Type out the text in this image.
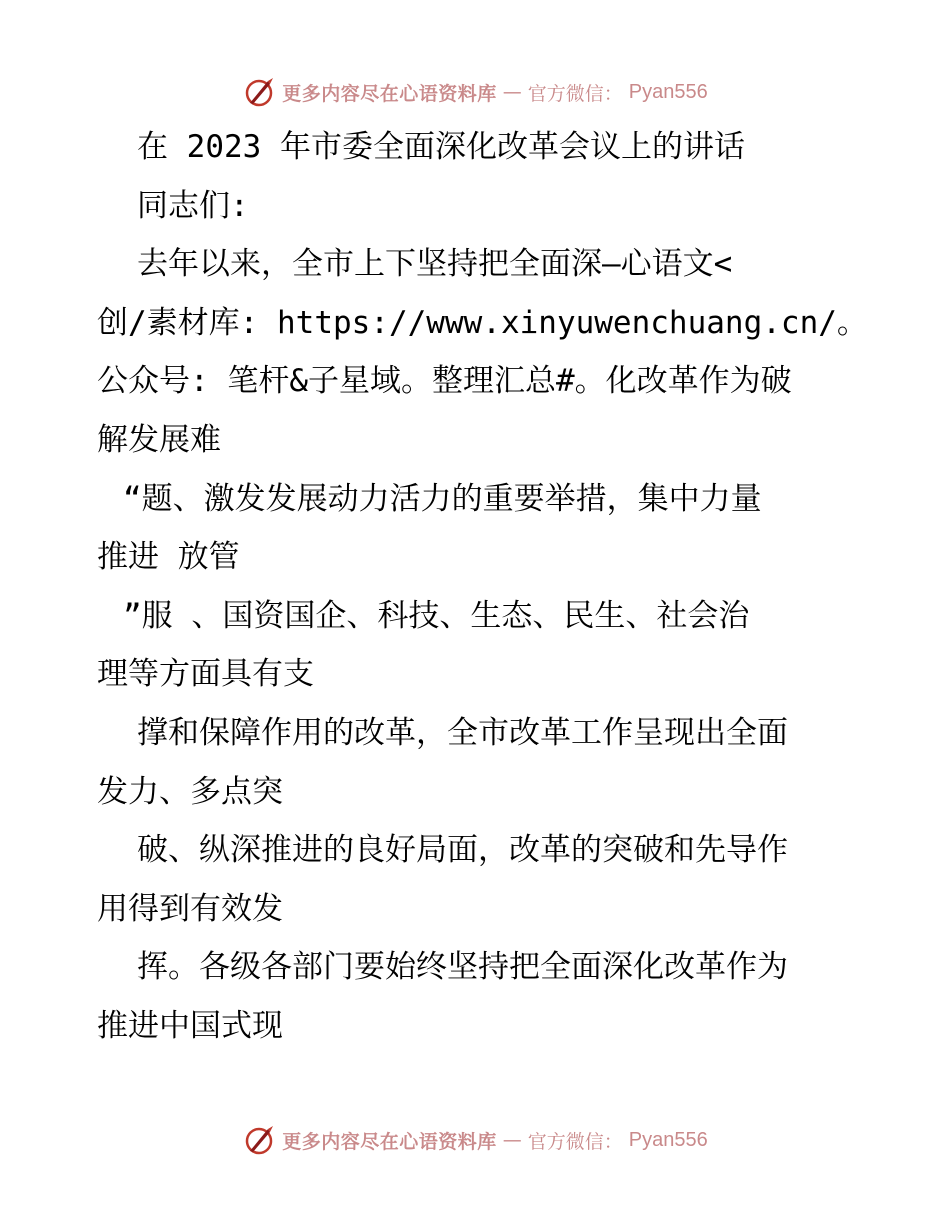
更多内容尽在心语资料库 — 官方微信： Pyan556
在 2023 年市委全面深化改革会议上的讲话
同志们:
去年以来，全市上下坚持把全面深—心语文<
创/素材库: https://www.xinyuwenchuang.cn/。
公众号: 笔杆&子星域。整理汇总#。化改革作为破
解发展难
“题、激发发展动力活力的重要举措，集中力量
推进 放管
”服 、国资国企、科技、生态、民生、社会治
理等方面具有支
撑和保障作用的改革，全市改革工作呈现出全面
发力、多点突
破、纵深推进的良好局面，改革的突破和先导作
用得到有效发
挥。各级各部门要始终坚持把全面深化改革作为
推进中国式现
更多内容尽在心语资料库 — 官方微信： Pyan556
